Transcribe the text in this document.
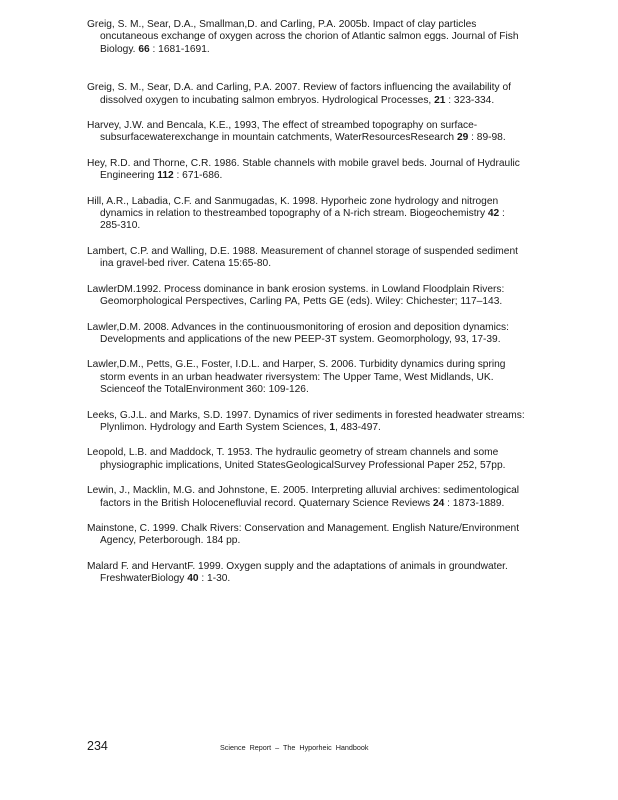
Greig, S. M., Sear, D.A., Smallman,D. and Carling, P.A. 2005b. Impact of clay particles oncutaneous exchange of oxygen across the chorion of Atlantic salmon eggs. Journal of Fish Biology. 66 : 1681-1691.

Greig, S. M., Sear, D.A. and Carling, P.A. 2007. Review of factors influencing the availability of dissolved oxygen to incubating salmon embryos. Hydrological Processes, 21 : 323-334.

Harvey, J.W. and Bencala, K.E., 1993, The effect of streambed topography on surface-subsurfacewaterexchange in mountain catchments, WaterResourcesResearch 29 : 89-98.

Hey, R.D. and Thorne, C.R. 1986. Stable channels with mobile gravel beds. Journal of Hydraulic Engineering 112 : 671-686.

Hill, A.R., Labadia, C.F. and Sanmugadas, K. 1998. Hyporheic zone hydrology and nitrogen dynamics in relation to thestreambed topography of a N-rich stream. Biogeochemistry 42 : 285-310.

Lambert, C.P. and Walling, D.E. 1988. Measurement of channel storage of suspended sediment ina gravel-bed river. Catena 15:65-80.

LawlerDM.1992. Process dominance in bank erosion systems. in Lowland Floodplain Rivers: Geomorphological Perspectives, Carling PA, Petts GE (eds). Wiley: Chichester; 117–143.

Lawler,D.M. 2008. Advances in the continuousmonitoring of erosion and deposition dynamics: Developments and applications of the new PEEP-3T system. Geomorphology, 93, 17-39.

Lawler,D.M., Petts, G.E., Foster, I.D.L. and Harper, S. 2006. Turbidity dynamics during spring storm events in an urban headwater riversystem: The Upper Tame, West Midlands, UK. Scienceof the TotalEnvironment 360: 109-126.

Leeks, G.J.L. and Marks, S.D. 1997. Dynamics of river sediments in forested headwater streams: Plynlimon. Hydrology and Earth System Sciences, 1, 483-497.

Leopold, L.B. and Maddock, T. 1953. The hydraulic geometry of stream channels and some physiographic implications, United StatesGeologicalSurvey Professional Paper 252, 57pp.

Lewin, J., Macklin, M.G. and Johnstone, E. 2005. Interpreting alluvial archives: sedimentological factors in the British Holocenefluvial record. Quaternary Science Reviews 24 : 1873-1889.

Mainstone, C. 1999. Chalk Rivers: Conservation and Management. English Nature/Environment Agency, Peterborough. 184 pp.

Malard F. and HervantF. 1999. Oxygen supply and the adaptations of animals in groundwater. FreshwaterBiology 40 : 1-30.

234	Science Report – The Hyporheic Handbook
